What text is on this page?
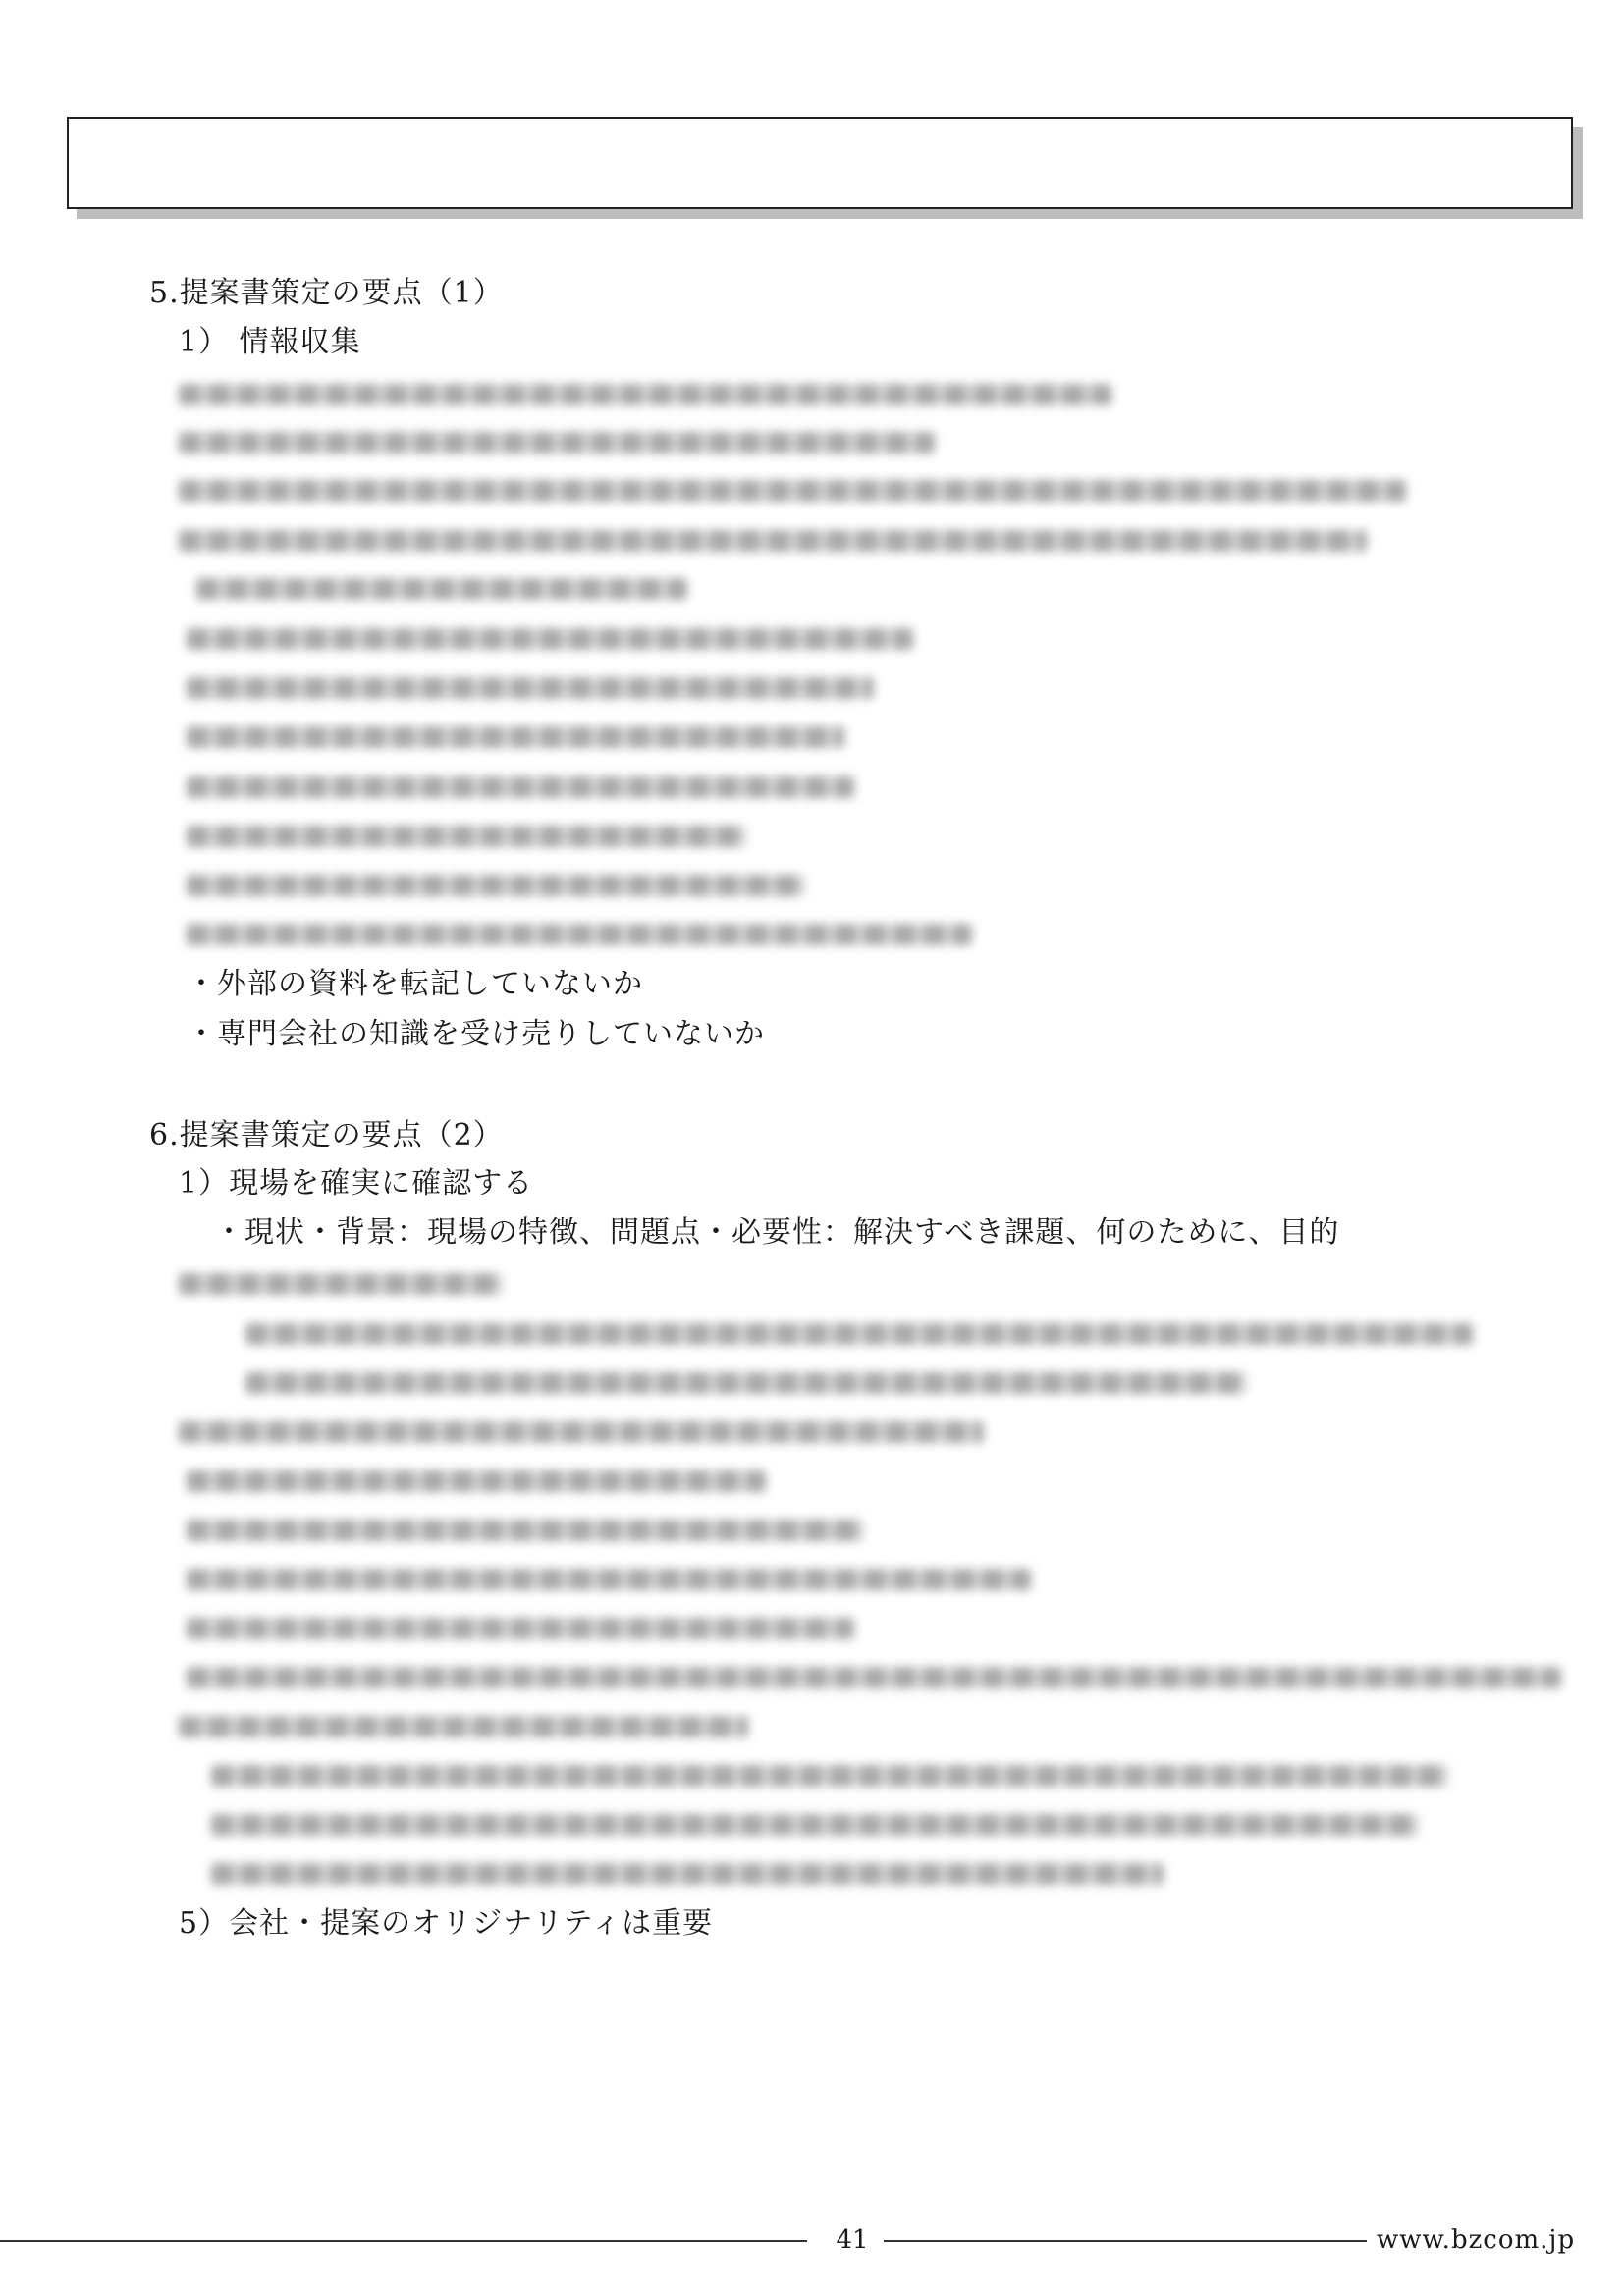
5.提案書策定の要点（1）
1） 情報収集
・外部の資料を転記していないか
・専門会社の知識を受け売りしていないか
6.提案書策定の要点（2）
1）現場を確実に確認する
・現状・背景：現場の特徴、問題点・必要性：解決すべき課題、何のために、目的
5）会社・提案のオリジナリティは重要
41	www.bzcom.jp
